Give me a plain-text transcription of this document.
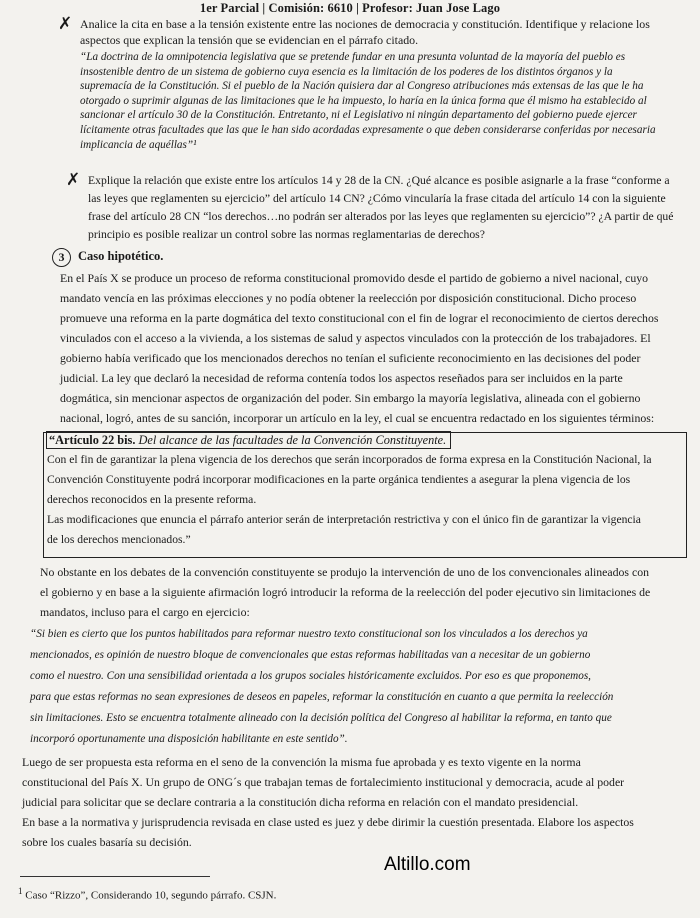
1er Parcial | Comisión: 6610 | Profesor: Juan Jose Lago
✗ Analice la cita en base a la tensión existente entre las nociones de democracia y constitución. Identifique y relacione los
aspectos que explican la tensión que se evidencian en el párrafo citado.
“La doctrina de la omnipotencia legislativa que se pretende fundar en una presunta voluntad de la mayoría del pueblo es
insostenible dentro de un sistema de gobierno cuya esencia es la limitación de los poderes de los distintos órganos y la
supremacía de la Constitución. Si el pueblo de la Nación quisiera dar al Congreso atribuciones más extensas de las que le ha
otorgado o suprimir algunas de las limitaciones que le ha impuesto, lo haría en la única forma que él mismo ha establecido al
sancionar el artículo 30 de la Constitución. Entretanto, ni el Legislativo ni ningún departamento del gobierno puede ejercer
lícitamente otras facultades que las que le han sido acordadas expresamente o que deben considerarse conferidas por necesaria
implicancia de aquéllas”¹
✗ Explique la relación que existe entre los artículos 14 y 28 de la CN. ¿Qué alcance es posible asignarle a la frase “conforme a
las leyes que reglamenten su ejercicio” del artículo 14 CN? ¿Cómo vincularía la frase citada del artículo 14 con la siguiente
frase del artículo 28 CN “los derechos…no podrán ser alterados por las leyes que reglamenten su ejercicio”? ¿A partir de qué
principio es posible realizar un control sobre las normas reglamentarias de derechos?
3	Caso hipotético.
En el País X se produce un proceso de reforma constitucional promovido desde el partido de gobierno a nivel nacional, cuyo
mandato vencía en las próximas elecciones y no podía obtener la reelección por disposición constitucional. Dicho proceso
promueve una reforma en la parte dogmática del texto constitucional con el fin de lograr el reconocimiento de ciertos derechos
vinculados con el acceso a la vivienda, a los sistemas de salud y aspectos vinculados con la protección de los trabajadores. El
gobierno había verificado que los mencionados derechos no tenían el suficiente reconocimiento en las decisiones del poder
judicial. La ley que declaró la necesidad de reforma contenía todos los aspectos reseñados para ser incluidos en la parte
dogmática, sin mencionar aspectos de organización del poder. Sin embargo la mayoría legislativa, alineada con el gobierno
nacional, logró, antes de su sanción, incorporar un artículo en la ley, el cual se encuentra redactado en los siguientes términos:
“Artículo 22 bis. Del alcance de las facultades de la Convención Constituyente.
Con el fin de garantizar la plena vigencia de los derechos que serán incorporados de forma expresa en la Constitución Nacional, la
Convención Constituyente podrá incorporar modificaciones en la parte orgánica tendientes a asegurar la plena vigencia de los
derechos reconocidos en la presente reforma.
Las modificaciones que enuncia el párrafo anterior serán de interpretación restrictiva y con el único fin de garantizar la vigencia
de los derechos mencionados.”
No obstante en los debates de la convención constituyente se produjo la intervención de uno de los convencionales alineados con
el gobierno y en base a la siguiente afirmación logró introducir la reforma de la reelección del poder ejecutivo sin limitaciones de
mandatos, incluso para el cargo en ejercicio:
“Si bien es cierto que los puntos habilitados para reformar nuestro texto constitucional son los vinculados a los derechos ya
mencionados, es opinión de nuestro bloque de convencionales que estas reformas habilitadas van a necesitar de un gobierno
como el nuestro. Con una sensibilidad orientada a los grupos sociales históricamente excluidos. Por eso es que proponemos,
para que estas reformas no sean expresiones de deseos en papeles, reformar la constitución en cuanto a que permita la reelección
sin limitaciones. Esto se encuentra totalmente alineado con la decisión política del Congreso al habilitar la reforma, en tanto que
incorporó oportunamente una disposición habilitante en este sentido”.
Luego de ser propuesta esta reforma en el seno de la convención la misma fue aprobada y es texto vigente en la norma
constitucional del País X. Un grupo de ONG´s que trabajan temas de fortalecimiento institucional y democracia, acude al poder
judicial para solicitar que se declare contraria a la constitución dicha reforma en relación con el mandato presidencial.
En base a la normativa y jurisprudencia revisada en clase usted es juez y debe dirimir la cuestión presentada. Elabore los aspectos
sobre los cuales basaría su decisión.
Altillo.com
$^1$ Caso “Rizzo”, Considerando 10, segundo párrafo. CSJN.
